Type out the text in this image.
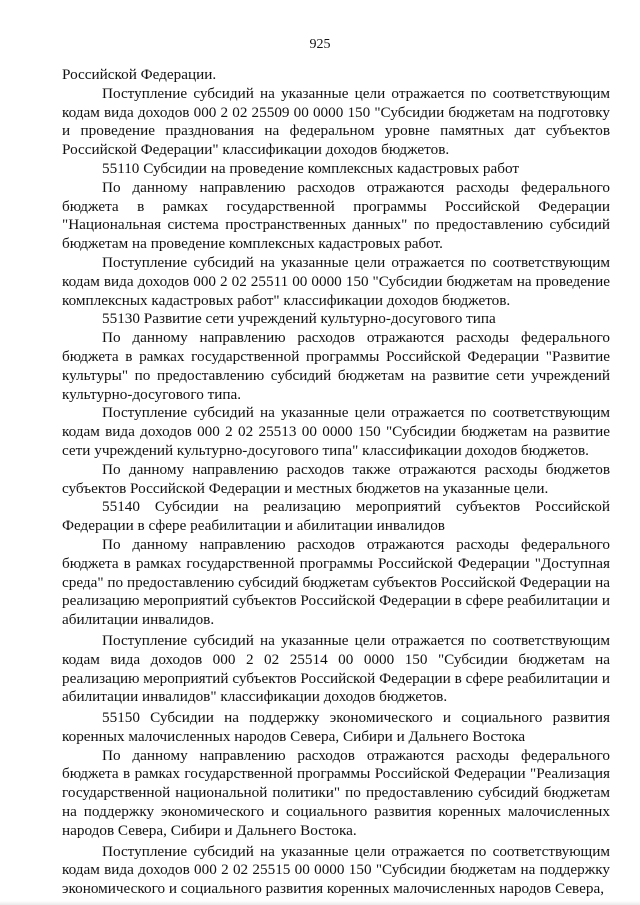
925

Российской Федерации.

Поступление субсидий на указанные цели отражается по соответствующим кодам вида доходов 000 2 02 25509 00 0000 150 "Субсидии бюджетам на подготовку и проведение празднования на федеральном уровне памятных дат субъектов Российской Федерации" классификации доходов бюджетов.

55110 Субсидии на проведение комплексных кадастровых работ

По данному направлению расходов отражаются расходы федерального бюджета в рамках государственной программы Российской Федерации "Национальная система пространственных данных" по предоставлению субсидий бюджетам на проведение комплексных кадастровых работ.

Поступление субсидий на указанные цели отражается по соответствующим кодам вида доходов 000 2 02 25511 00 0000 150 "Субсидии бюджетам на проведение комплексных кадастровых работ" классификации доходов бюджетов.

55130 Развитие сети учреждений культурно-досугового типа

По данному направлению расходов отражаются расходы федерального бюджета в рамках государственной программы Российской Федерации "Развитие культуры" по предоставлению субсидий бюджетам на развитие сети учреждений культурно-досугового типа.

Поступление субсидий на указанные цели отражается по соответствующим кодам вида доходов 000 2 02 25513 00 0000 150 "Субсидии бюджетам на развитие сети учреждений культурно-досугового типа" классификации доходов бюджетов.

По данному направлению расходов также отражаются расходы бюджетов субъектов Российской Федерации и местных бюджетов на указанные цели.

55140 Субсидии на реализацию мероприятий субъектов Российской Федерации в сфере реабилитации и абилитации инвалидов

По данному направлению расходов отражаются расходы федерального бюджета в рамках государственной программы Российской Федерации "Доступная среда" по предоставлению субсидий бюджетам субъектов Российской Федерации на реализацию мероприятий субъектов Российской Федерации в сфере реабилитации и абилитации инвалидов.

Поступление субсидий на указанные цели отражается по соответствующим кодам вида доходов 000 2 02 25514 00 0000 150 "Субсидии бюджетам на реализацию мероприятий субъектов Российской Федерации в сфере реабилитации и абилитации инвалидов" классификации доходов бюджетов.

55150 Субсидии на поддержку экономического и социального развития коренных малочисленных народов Севера, Сибири и Дальнего Востока

По данному направлению расходов отражаются расходы федерального бюджета в рамках государственной программы Российской Федерации "Реализация государственной национальной политики" по предоставлению субсидий бюджетам на поддержку экономического и социального развития коренных малочисленных народов Севера, Сибири и Дальнего Востока.

Поступление субсидий на указанные цели отражается по соответствующим кодам вида доходов 000 2 02 25515 00 0000 150 "Субсидии бюджетам на поддержку экономического и социального развития коренных малочисленных народов Севера,
